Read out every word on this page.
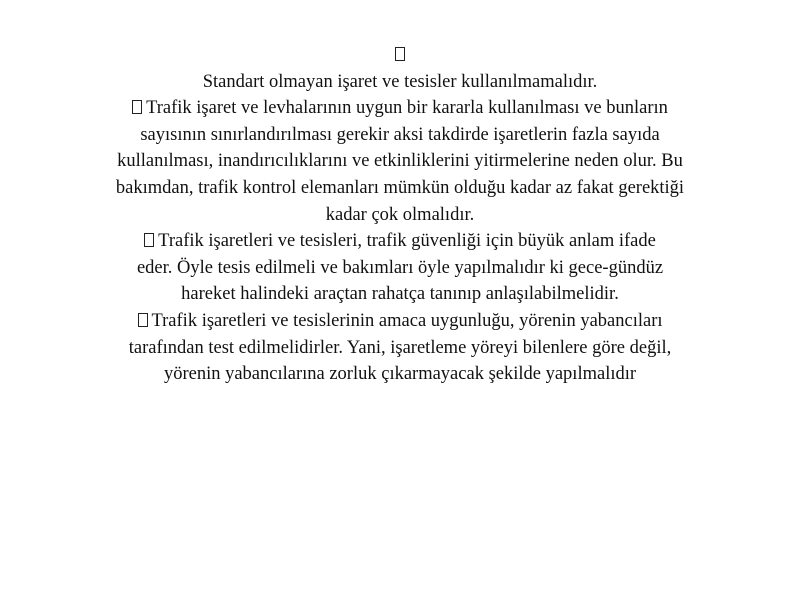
Standart olmayan işaret ve tesisler kullanılmamalıdır.
Trafik işaret ve levhalarının uygun bir kararla kullanılması ve bunların
sayısının sınırlandırılması gerekir aksi takdirde işaretlerin fazla sayıda
kullanılması, inandırıcılıklarını ve etkinliklerini yitirmelerine neden olur. Bu
bakımdan, trafik kontrol elemanları mümkün olduğu kadar az fakat gerektiği
kadar çok olmalıdır.
Trafik işaretleri ve tesisleri, trafik güvenliği için büyük anlam ifade
eder. Öyle tesis edilmeli ve bakımları öyle yapılmalıdır ki gece-gündüz
hareket halindeki araçtan rahatça tanınıp anlaşılabilmelidir.
Trafik işaretleri ve tesislerinin amaca uygunluğu, yörenin yabancıları
tarafından test edilmelidirler. Yani, işaretleme yöreyi bilenlere göre değil,
yörenin yabancılarına zorluk çıkarmayacak şekilde yapılmalıdır
